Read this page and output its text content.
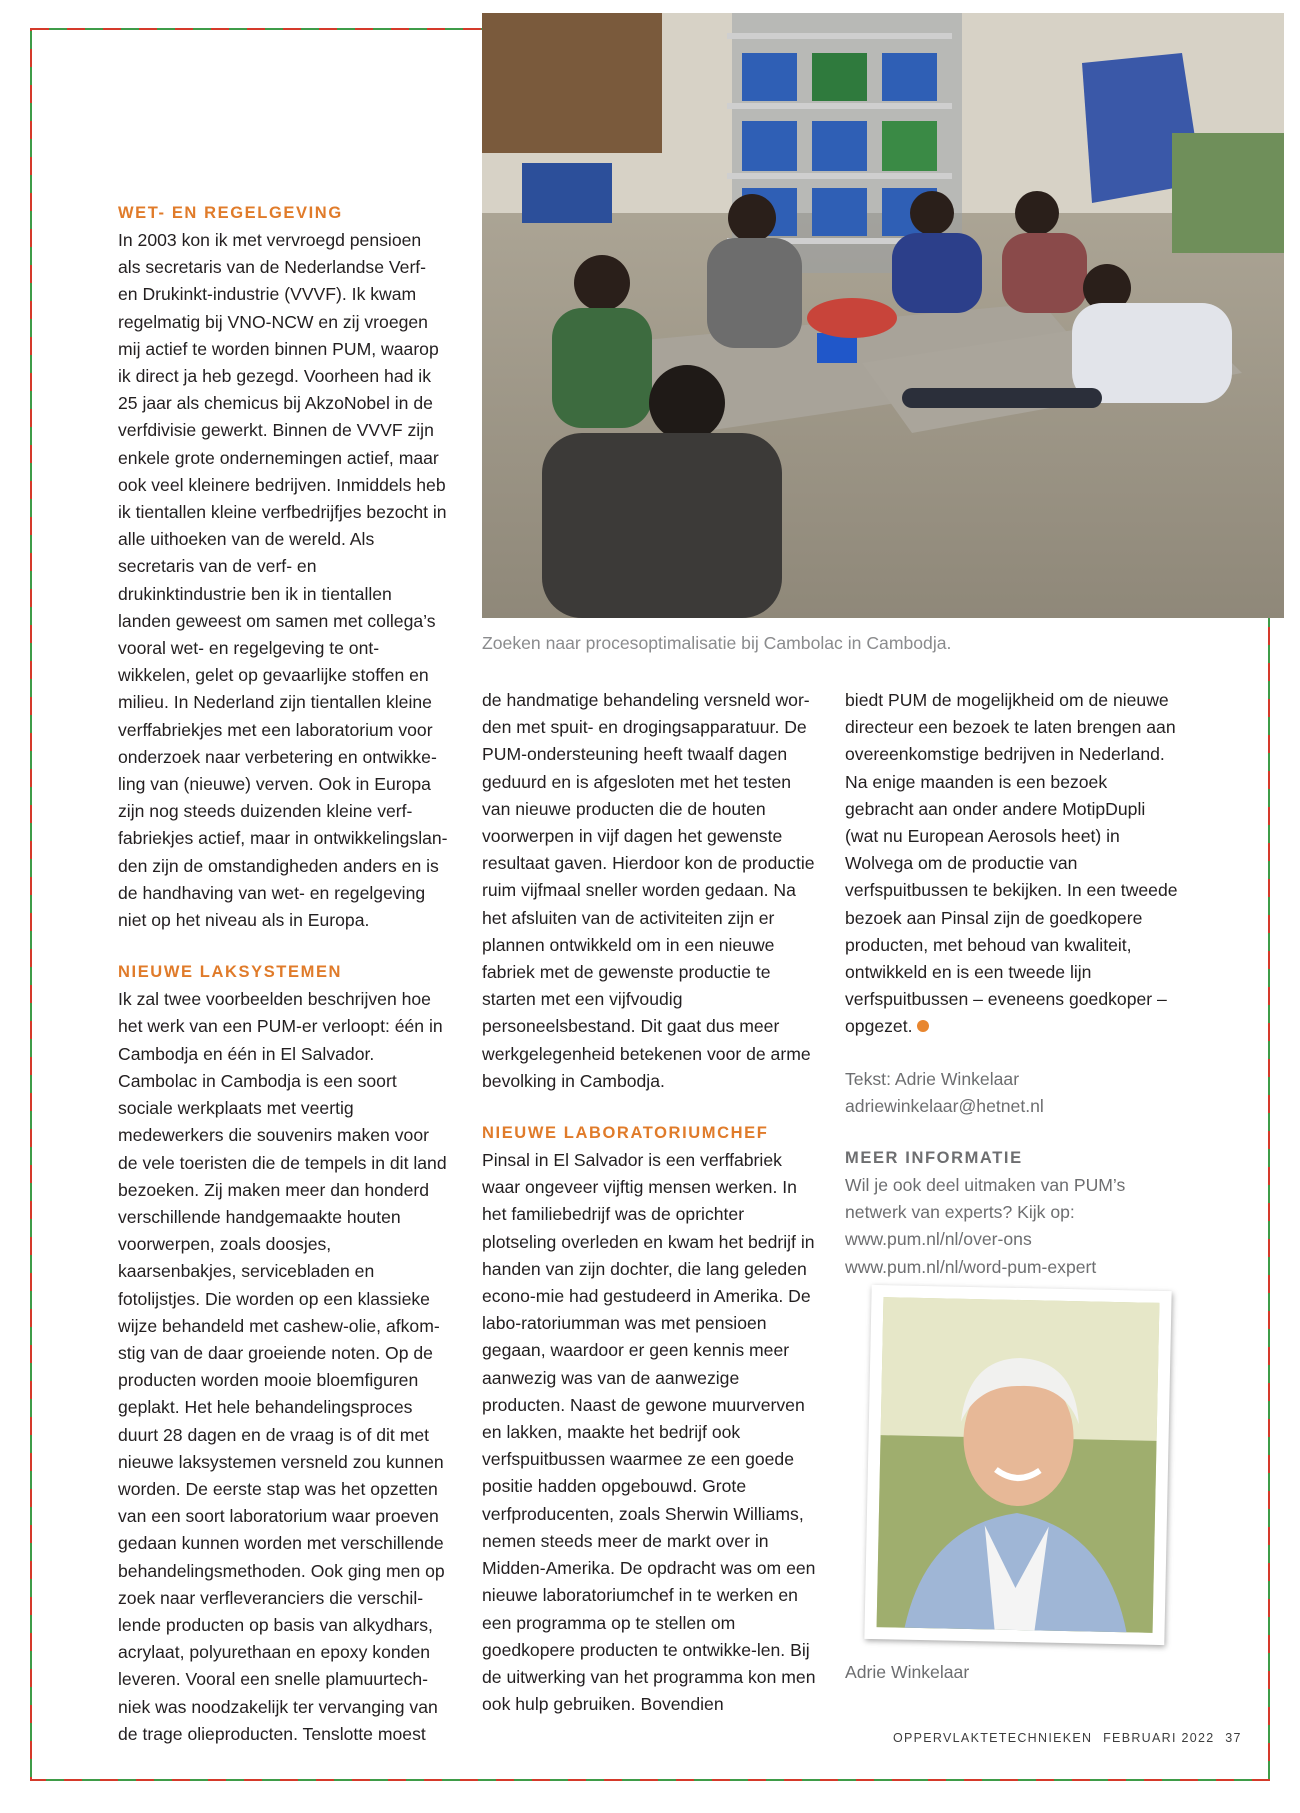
Zoeken naar procesoptimalisatie bij Cambolac in Cambodja.

WET- EN REGELGEVING

In 2003 kon ik met vervroegd pensioen als secretaris van de Nederlandse Verf- en Drukinkt-industrie (VVVF). Ik kwam regelmatig bij VNO-NCW en zij vroegen mij actief te worden binnen PUM, waarop ik direct ja heb gezegd. Voorheen had ik 25 jaar als chemicus bij AkzoNobel in de verfdivisie gewerkt. Binnen de VVVF zijn enkele grote ondernemingen actief, maar ook veel kleinere bedrijven. Inmiddels heb ik tientallen kleine verfbedrijfjes bezocht in alle uithoeken van de wereld. Als secretaris van de verf- en drukinktindustrie ben ik in tientallen landen geweest om samen met collega’s vooral wet- en regelgeving te ont-wikkelen, gelet op gevaarlijke stoffen en milieu. In Nederland zijn tientallen kleine verffabriekjes met een laboratorium voor onderzoek naar verbetering en ontwikke-ling van (nieuwe) verven. Ook in Europa zijn nog steeds duizenden kleine verf-fabriekjes actief, maar in ontwikkelingslan-den zijn de omstandigheden anders en is de handhaving van wet- en regelgeving niet op het niveau als in Europa.

NIEUWE LAKSYSTEMEN

Ik zal twee voorbeelden beschrijven hoe het werk van een PUM-er verloopt: één in Cambodja en één in El Salvador. Cambolac in Cambodja is een soort sociale werkplaats met veertig medewerkers die souvenirs maken voor de vele toeristen die de tempels in dit land bezoeken. Zij maken meer dan honderd verschillende handgemaakte houten voorwerpen, zoals doosjes, kaarsenbakjes, servicebladen en fotolijstjes. Die worden op een klassieke wijze behandeld met cashew-olie, afkom-stig van de daar groeiende noten. Op de producten worden mooie bloemfiguren geplakt. Het hele behandelingsproces duurt 28 dagen en de vraag is of dit met nieuwe laksystemen versneld zou kunnen worden. De eerste stap was het opzetten van een soort laboratorium waar proeven gedaan kunnen worden met verschillende behandelingsmethoden. Ook ging men op zoek naar verfleveranciers die verschil-lende producten op basis van alkydhars, acrylaat, polyurethaan en epoxy konden leveren. Vooral een snelle plamuurtech-niek was noodzakelijk ter vervanging van de trage olieproducten. Tenslotte moest

de handmatige behandeling versneld wor-den met spuit- en drogingsapparatuur. De PUM-ondersteuning heeft twaalf dagen geduurd en is afgesloten met het testen van nieuwe producten die de houten voorwerpen in vijf dagen het gewenste resultaat gaven. Hierdoor kon de productie ruim vijfmaal sneller worden gedaan. Na het afsluiten van de activiteiten zijn er plannen ontwikkeld om in een nieuwe fabriek met de gewenste productie te starten met een vijfvoudig personeelsbestand. Dit gaat dus meer werkgelegenheid betekenen voor de arme bevolking in Cambodja.

NIEUWE LABORATORIUMCHEF

Pinsal in El Salvador is een verffabriek waar ongeveer vijftig mensen werken. In het familiebedrijf was de oprichter plotseling overleden en kwam het bedrijf in handen van zijn dochter, die lang geleden econo-mie had gestudeerd in Amerika. De labo-ratoriumman was met pensioen gegaan, waardoor er geen kennis meer aanwezig was van de aanwezige producten. Naast de gewone muurverven en lakken, maakte het bedrijf ook verfspuitbussen waarmee ze een goede positie hadden opgebouwd. Grote verfproducenten, zoals Sherwin Williams, nemen steeds meer de markt over in Midden-Amerika. De opdracht was om een nieuwe laboratoriumchef in te werken en een programma op te stellen om goedkopere producten te ontwikke-len. Bij de uitwerking van het programma kon men ook hulp gebruiken. Bovendien

biedt PUM de mogelijkheid om de nieuwe directeur een bezoek te laten brengen aan overeenkomstige bedrijven in Nederland. Na enige maanden is een bezoek gebracht aan onder andere MotipDupli (wat nu European Aerosols heet) in Wolvega om de productie van verfspuitbussen te bekijken. In een tweede bezoek aan Pinsal zijn de goedkopere producten, met behoud van kwaliteit, ontwikkeld en is een tweede lijn verfspuitbussen – eveneens goedkoper – opgezet.

Tekst: Adrie Winkelaar

adriewinkelaar@hetnet.nl

MEER INFORMATIE

Wil je ook deel uitmaken van PUM’s netwerk van experts? Kijk op:

www.pum.nl/nl/over-ons

www.pum.nl/nl/word-pum-expert

Adrie Winkelaar
OPPERVLAKTETECHNIEKEN FEBRUARI 2022 37
